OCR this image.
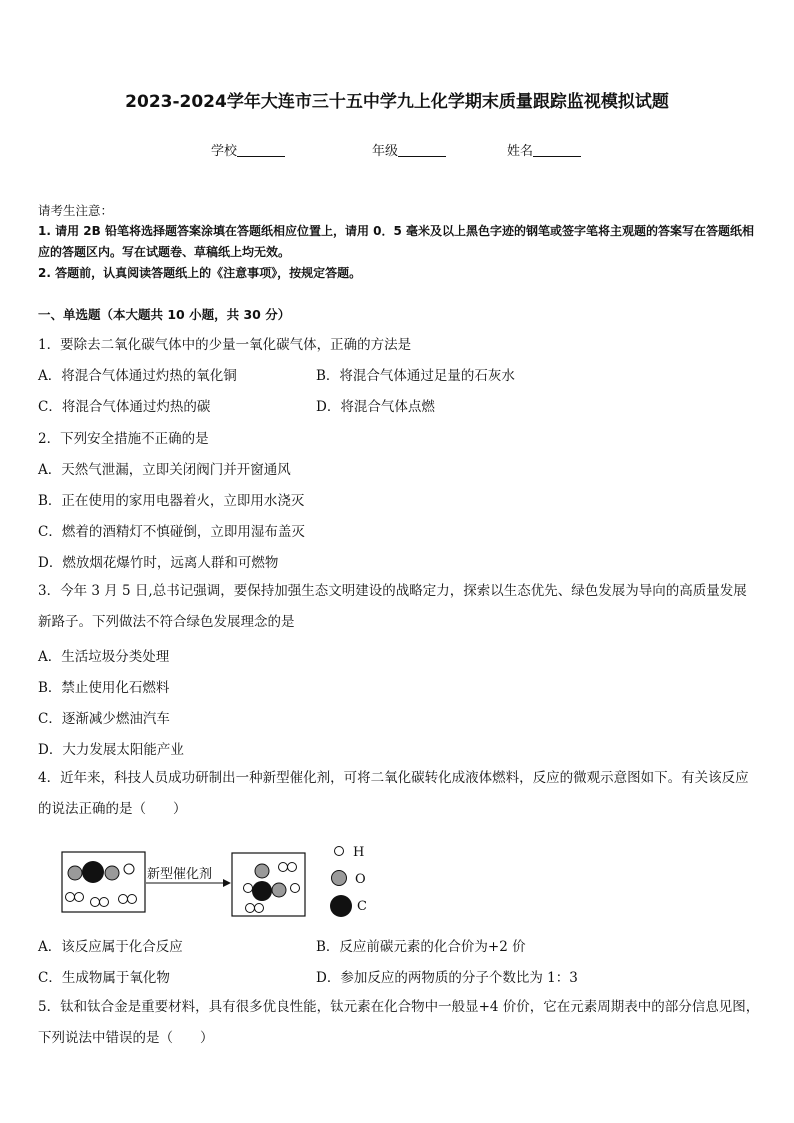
2023-2024学年大连市三十五中学九上化学期末质量跟踪监视模拟试题
学校	年级	姓名
请考生注意：
1. 请用 2B 铅笔将选择题答案涂填在答题纸相应位置上，请用 0．5 毫米及以上黑色字迹的钢笔或签字笔将主观题的答案写在答题纸相应的答题区内。写在试题卷、草稿纸上均无效。
2. 答题前，认真阅读答题纸上的《注意事项》，按规定答题。
一、单选题（本大题共 10 小题，共 30 分）
1．要除去二氧化碳气体中的少量一氧化碳气体，正确的方法是
A．将混合气体通过灼热的氧化铜	B．将混合气体通过足量的石灰水
C．将混合气体通过灼热的碳	D．将混合气体点燃
2．下列安全措施不正确的是
A．天然气泄漏，立即关闭阀门并开窗通风
B．正在使用的家用电器着火，立即用水浇灭
C．燃着的酒精灯不慎碰倒，立即用湿布盖灭
D．燃放烟花爆竹时，远离人群和可燃物
3．今年 3 月 5 日,总书记强调，要保持加强生态文明建设的战略定力，探索以生态优先、绿色发展为导向的高质量发展新路子。下列做法不符合绿色发展理念的是
A．生活垃圾分类处理
B．禁止使用化石燃料
C．逐渐减少燃油汽车
D．大力发展太阳能产业
4．近年来，科技人员成功研制出一种新型催化剂，可将二氧化碳转化成液体燃料，反应的微观示意图如下。有关该反应的说法正确的是（　　）
新型催化剂
H
O
C
A．该反应属于化合反应	B．反应前碳元素的化合价为+2 价
C．生成物属于氧化物	D．参加反应的两物质的分子个数比为 1：3
5．钛和钛合金是重要材料，具有很多优良性能，钛元素在化合物中一般显+4 价价，它在元素周期表中的部分信息见图，下列说法中错误的是（　　）
